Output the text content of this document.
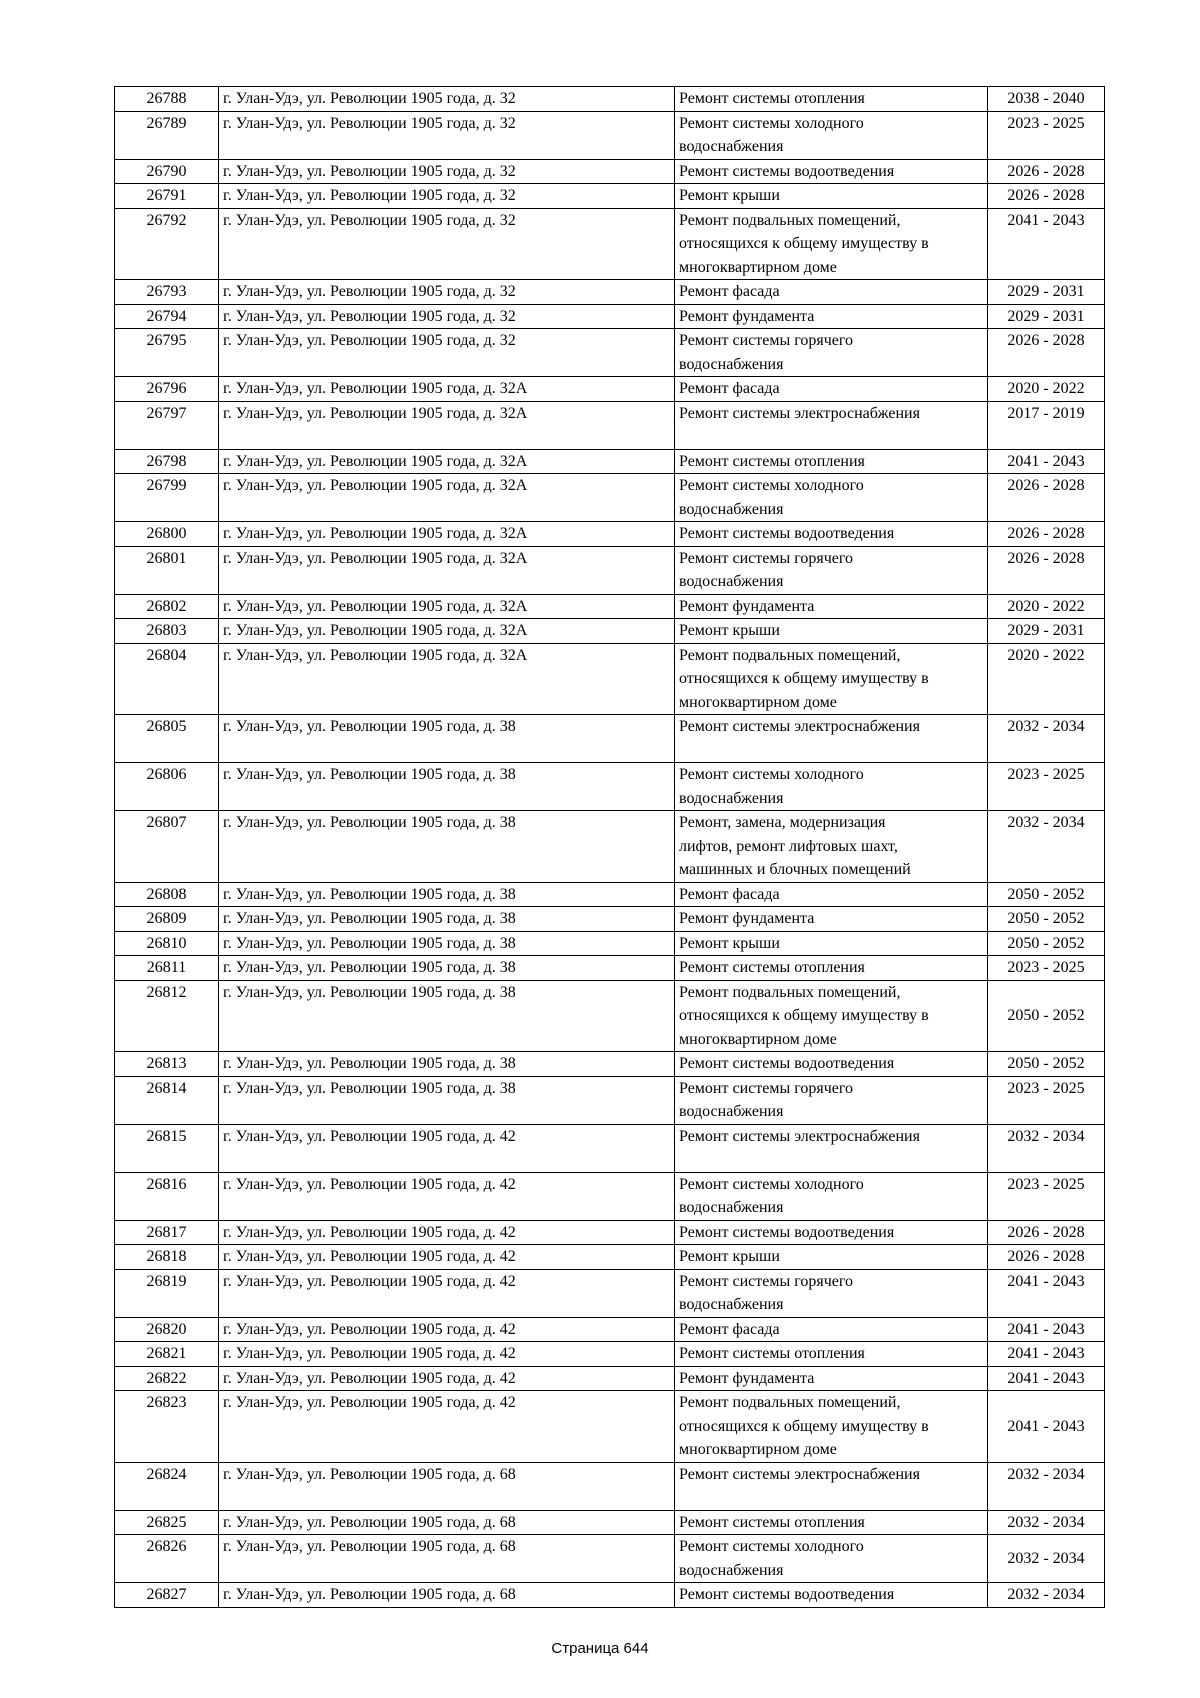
26788	г. Улан-Удэ, ул. Революции 1905 года, д. 32	Ремонт системы отопления	2038 - 2040
26789	г. Улан-Удэ, ул. Революции 1905 года, д. 32	Ремонт системы холодного
водоснабжения	2023 - 2025
26790	г. Улан-Удэ, ул. Революции 1905 года, д. 32	Ремонт системы водоотведения	2026 - 2028
26791	г. Улан-Удэ, ул. Революции 1905 года, д. 32	Ремонт крыши	2026 - 2028
26792	г. Улан-Удэ, ул. Революции 1905 года, д. 32	Ремонт подвальных помещений,
относящихся к общему имуществу в
многоквартирном доме	2041 - 2043
26793	г. Улан-Удэ, ул. Революции 1905 года, д. 32	Ремонт фасада	2029 - 2031
26794	г. Улан-Удэ, ул. Революции 1905 года, д. 32	Ремонт фундамента	2029 - 2031
26795	г. Улан-Удэ, ул. Революции 1905 года, д. 32	Ремонт системы горячего
водоснабжения	2026 - 2028
26796	г. Улан-Удэ, ул. Революции 1905 года, д. 32А	Ремонт фасада	2020 - 2022
26797	г. Улан-Удэ, ул. Революции 1905 года, д. 32А	Ремонт системы электроснабжения	2017 - 2019
26798	г. Улан-Удэ, ул. Революции 1905 года, д. 32А	Ремонт системы отопления	2041 - 2043
26799	г. Улан-Удэ, ул. Революции 1905 года, д. 32А	Ремонт системы холодного
водоснабжения	2026 - 2028
26800	г. Улан-Удэ, ул. Революции 1905 года, д. 32А	Ремонт системы водоотведения	2026 - 2028
26801	г. Улан-Удэ, ул. Революции 1905 года, д. 32А	Ремонт системы горячего
водоснабжения	2026 - 2028
26802	г. Улан-Удэ, ул. Революции 1905 года, д. 32А	Ремонт фундамента	2020 - 2022
26803	г. Улан-Удэ, ул. Революции 1905 года, д. 32А	Ремонт крыши	2029 - 2031
26804	г. Улан-Удэ, ул. Революции 1905 года, д. 32А	Ремонт подвальных помещений,
относящихся к общему имуществу в
многоквартирном доме	2020 - 2022
26805	г. Улан-Удэ, ул. Революции 1905 года, д. 38	Ремонт системы электроснабжения	2032 - 2034
26806	г. Улан-Удэ, ул. Революции 1905 года, д. 38	Ремонт системы холодного
водоснабжения	2023 - 2025
26807	г. Улан-Удэ, ул. Революции 1905 года, д. 38	Ремонт, замена, модернизация
лифтов, ремонт лифтовых шахт,
машинных и блочных помещений	2032 - 2034
26808	г. Улан-Удэ, ул. Революции 1905 года, д. 38	Ремонт фасада	2050 - 2052
26809	г. Улан-Удэ, ул. Революции 1905 года, д. 38	Ремонт фундамента	2050 - 2052
26810	г. Улан-Удэ, ул. Революции 1905 года, д. 38	Ремонт крыши	2050 - 2052
26811	г. Улан-Удэ, ул. Революции 1905 года, д. 38	Ремонт системы отопления	2023 - 2025
26812	г. Улан-Удэ, ул. Революции 1905 года, д. 38	Ремонт подвальных помещений,
относящихся к общему имуществу в
многоквартирном доме	2050 - 2052
26813	г. Улан-Удэ, ул. Революции 1905 года, д. 38	Ремонт системы водоотведения	2050 - 2052
26814	г. Улан-Удэ, ул. Революции 1905 года, д. 38	Ремонт системы горячего
водоснабжения	2023 - 2025
26815	г. Улан-Удэ, ул. Революции 1905 года, д. 42	Ремонт системы электроснабжения	2032 - 2034
26816	г. Улан-Удэ, ул. Революции 1905 года, д. 42	Ремонт системы холодного
водоснабжения	2023 - 2025
26817	г. Улан-Удэ, ул. Революции 1905 года, д. 42	Ремонт системы водоотведения	2026 - 2028
26818	г. Улан-Удэ, ул. Революции 1905 года, д. 42	Ремонт крыши	2026 - 2028
26819	г. Улан-Удэ, ул. Революции 1905 года, д. 42	Ремонт системы горячего
водоснабжения	2041 - 2043
26820	г. Улан-Удэ, ул. Революции 1905 года, д. 42	Ремонт фасада	2041 - 2043
26821	г. Улан-Удэ, ул. Революции 1905 года, д. 42	Ремонт системы отопления	2041 - 2043
26822	г. Улан-Удэ, ул. Революции 1905 года, д. 42	Ремонт фундамента	2041 - 2043
26823	г. Улан-Удэ, ул. Революции 1905 года, д. 42	Ремонт подвальных помещений,
относящихся к общему имуществу в
многоквартирном доме	2041 - 2043
26824	г. Улан-Удэ, ул. Революции 1905 года, д. 68	Ремонт системы электроснабжения	2032 - 2034
26825	г. Улан-Удэ, ул. Революции 1905 года, д. 68	Ремонт системы отопления	2032 - 2034
26826	г. Улан-Удэ, ул. Революции 1905 года, д. 68	Ремонт системы холодного
водоснабжения	2032 - 2034
26827	г. Улан-Удэ, ул. Революции 1905 года, д. 68	Ремонт системы водоотведения	2032 - 2034
Страница 644
